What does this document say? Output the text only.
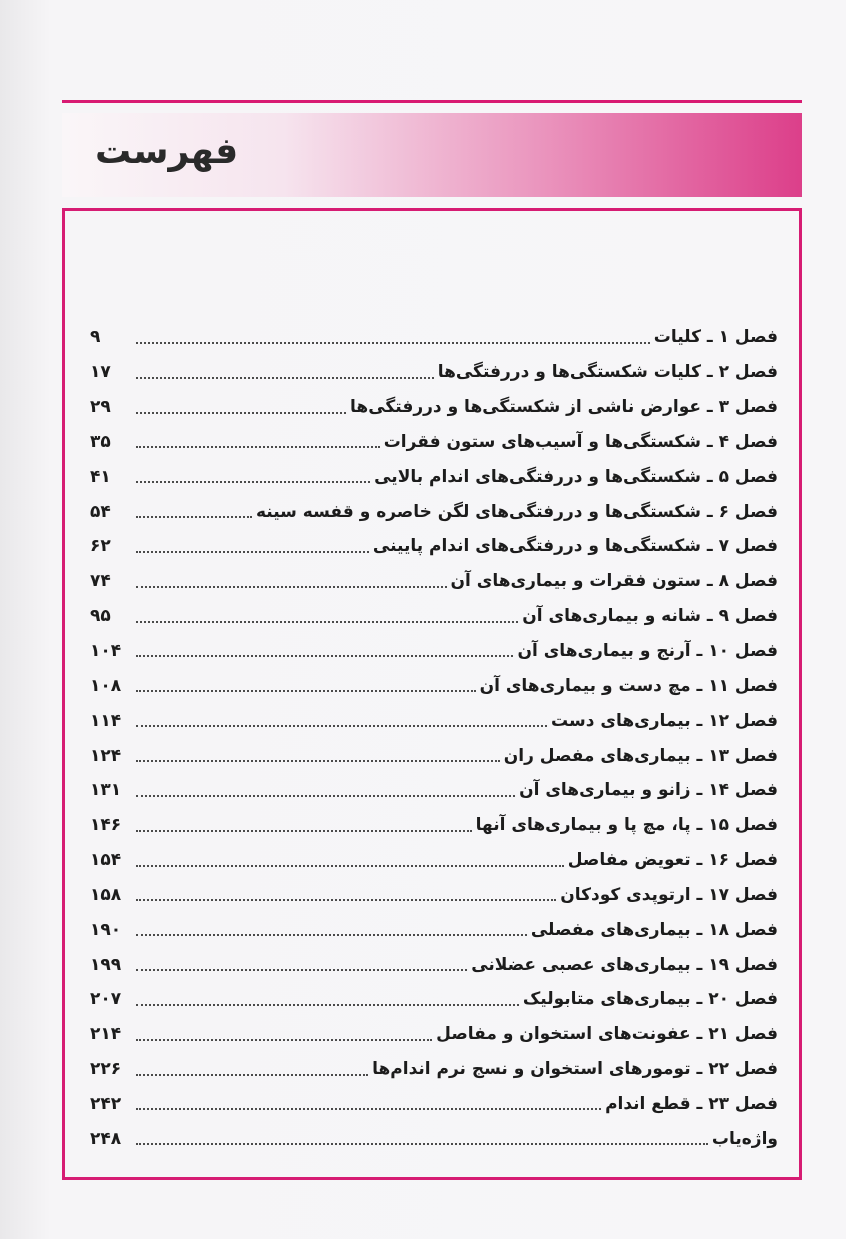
فهرست
فصل ۱ ـ کلیات
۹
فصل ۲ ـ کلیات شکستگی‌ها و دررفتگی‌ها
۱۷
فصل ۳ ـ عوارض ناشی از شکستگی‌ها و دررفتگی‌ها
۲۹
فصل ۴ ـ شکستگی‌ها و آسیب‌های ستون فقرات
۳۵
فصل ۵ ـ شکستگی‌ها و دررفتگی‌های اندام بالایی
۴۱
فصل ۶ ـ شکستگی‌ها و دررفتگی‌های لگن خاصره و قفسه سینه
۵۴
فصل ۷ ـ شکستگی‌ها و دررفتگی‌های اندام پایینی
۶۲
فصل ۸ ـ ستون فقرات و بیماری‌های آن
۷۴
فصل ۹ ـ شانه و بیماری‌های آن
۹۵
فصل ۱۰ ـ آرنج و بیماری‌های آن
۱۰۴
فصل ۱۱ ـ مچ دست و بیماری‌های آن
۱۰۸
فصل ۱۲ ـ بیماری‌های دست
۱۱۴
فصل ۱۳ ـ بیماری‌های مفصل ران
۱۲۴
فصل ۱۴ ـ زانو و بیماری‌های آن
۱۳۱
فصل ۱۵ ـ پا، مچ پا و بیماری‌های آنها
۱۴۶
فصل ۱۶ ـ تعویض مفاصل
۱۵۴
فصل ۱۷ ـ ارتوپدی کودکان
۱۵۸
فصل ۱۸ ـ بیماری‌های مفصلی
۱۹۰
فصل ۱۹ ـ بیماری‌های عصبی عضلانی
۱۹۹
فصل ۲۰ ـ بیماری‌های متابولیک
۲۰۷
فصل ۲۱ ـ عفونت‌های استخوان و مفاصل
۲۱۴
فصل ۲۲ ـ تومورهای استخوان و نسج نرم اندام‌ها
۲۲۶
فصل ۲۳ ـ قطع اندام
۲۴۲
واژه‌یاب
۲۴۸
